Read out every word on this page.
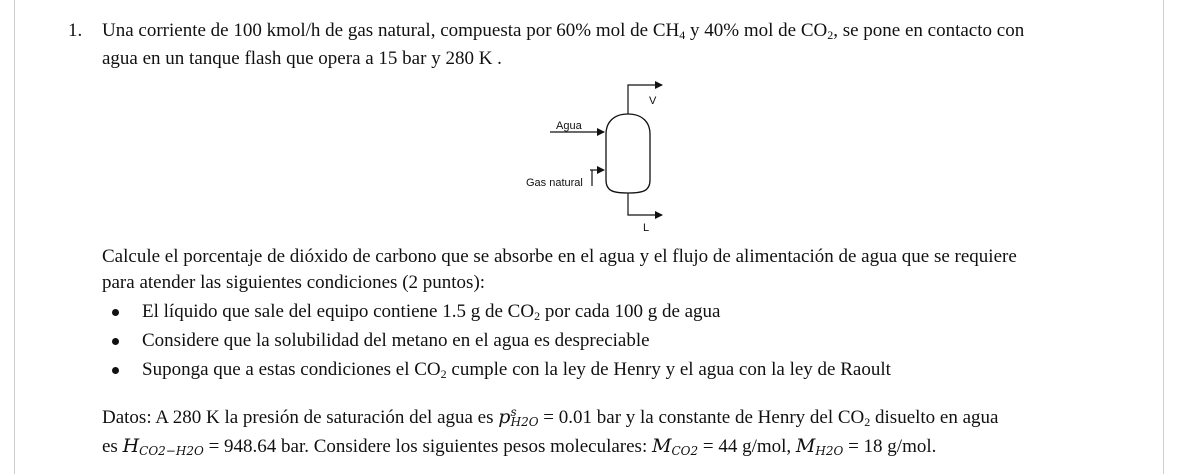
1. Una corriente de 100 kmol/h de gas natural, compuesta por 60% mol de $CH_4$ y 40% mol de $CO_2$, se pone en contacto con
agua en un tanque flash que opera a 15 bar y 280 K .
V
Agua
Gas natural
L
Calcule el porcentaje de dióxido de carbono que se absorbe en el agua y el flujo de alimentación de agua que se requiere
para atender las siguientes condiciones (2 puntos):
El líquido que sale del equipo contiene 1.5 g de $CO_2$ por cada 100 g de agua
Considere que la solubilidad del metano en el agua es despreciable
Suponga que a estas condiciones el $CO_2$ cumple con la ley de Henry y el agua con la ley de Raoult
Datos: A 280 K la presión de saturación del agua es $p^s_{H2O} = 0.01$ bar y la constante de Henry del $CO_2$ disuelto en agua
es $H_{CO2-H2O} = 948.64$ bar. Considere los siguientes pesos moleculares: $M_{CO2} = 44$ g/mol, $M_{H2O} = 18$ g/mol.
